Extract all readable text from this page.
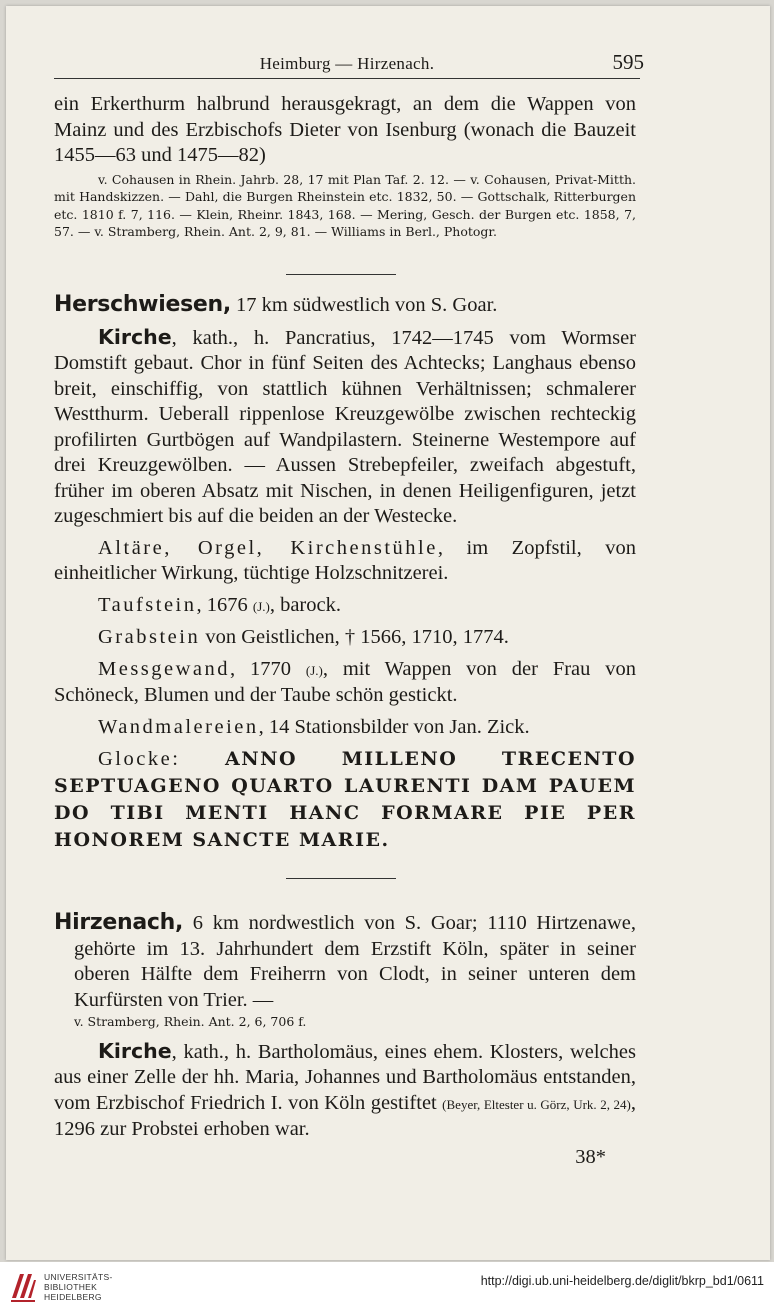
Heimburg — Hirzenach.	595

ein Erkerthurm halbrund herausgekragt, an dem die Wappen von Mainz und des Erzbischofs Dieter von Isenburg (wonach die Bauzeit 1455—63 und 1475—82)

v. Cohausen in Rhein. Jahrb. 28, 17 mit Plan Taf. 2. 12. — v. Cohausen, Privat-Mitth. mit Handskizzen. — Dahl, die Burgen Rheinstein etc. 1832, 50. — Gottschalk, Ritterburgen etc. 1810 f. 7, 116. — Klein, Rheinr. 1843, 168. — Mering, Gesch. der Burgen etc. 1858, 7, 57. — v. Stramberg, Rhein. Ant. 2, 9, 81. — Williams in Berl., Photogr.

Herschwiesen, 17 km südwestlich von S. Goar.

Kirche, kath., h. Pancratius, 1742—1745 vom Wormser Domstift gebaut. Chor in fünf Seiten des Achtecks; Langhaus ebenso breit, einschiffig, von stattlich kühnen Verhältnissen; schmalerer Westthurm. Ueberall rippenlose Kreuzgewölbe zwischen rechteckig profilirten Gurtbögen auf Wandpilastern. Steinerne Westempore auf drei Kreuzgewölben. — Aussen Strebepfeiler, zweifach abgestuft, früher im oberen Absatz mit Nischen, in denen Heiligenfiguren, jetzt zugeschmiert bis auf die beiden an der Westecke.

Altäre, Orgel, Kirchenstühle, im Zopfstil, von einheitlicher Wirkung, tüchtige Holzschnitzerei.

Taufstein, 1676 (J.), barock.

Grabstein von Geistlichen, † 1566, 1710, 1774.

Messgewand, 1770 (J.), mit Wappen von der Frau von Schöneck, Blumen und der Taube schön gestickt.

Wandmalereien, 14 Stationsbilder von Jan. Zick.

Glocke: ANNO MILLENO TRECENTO SEPTUAGENO QUARTO LAURENTI DAM PAUEM DO TIBI MENTI HANC FORMARE PIE PER HONOREM SANCTE MARIE.

Hirzenach, 6 km nordwestlich von S. Goar; 1110 Hirtzenawe, gehörte im 13. Jahrhundert dem Erzstift Köln, später in seiner oberen Hälfte dem Freiherrn von Clodt, in seiner unteren dem Kurfürsten von Trier. —

v. Stramberg, Rhein. Ant. 2, 6, 706 f.

Kirche, kath., h. Bartholomäus, eines ehem. Klosters, welches aus einer Zelle der hh. Maria, Johannes und Bartholomäus entstanden, vom Erzbischof Friedrich I. von Köln gestiftet (Beyer, Eltester u. Görz, Urk. 2, 24), 1296 zur Probstei erhoben war.

38*

UNIVERSITÄTS-
BIBLIOTHEK
HEIDELBERG
http://digi.ub.uni-heidelberg.de/diglit/bkrp_bd1/0611
